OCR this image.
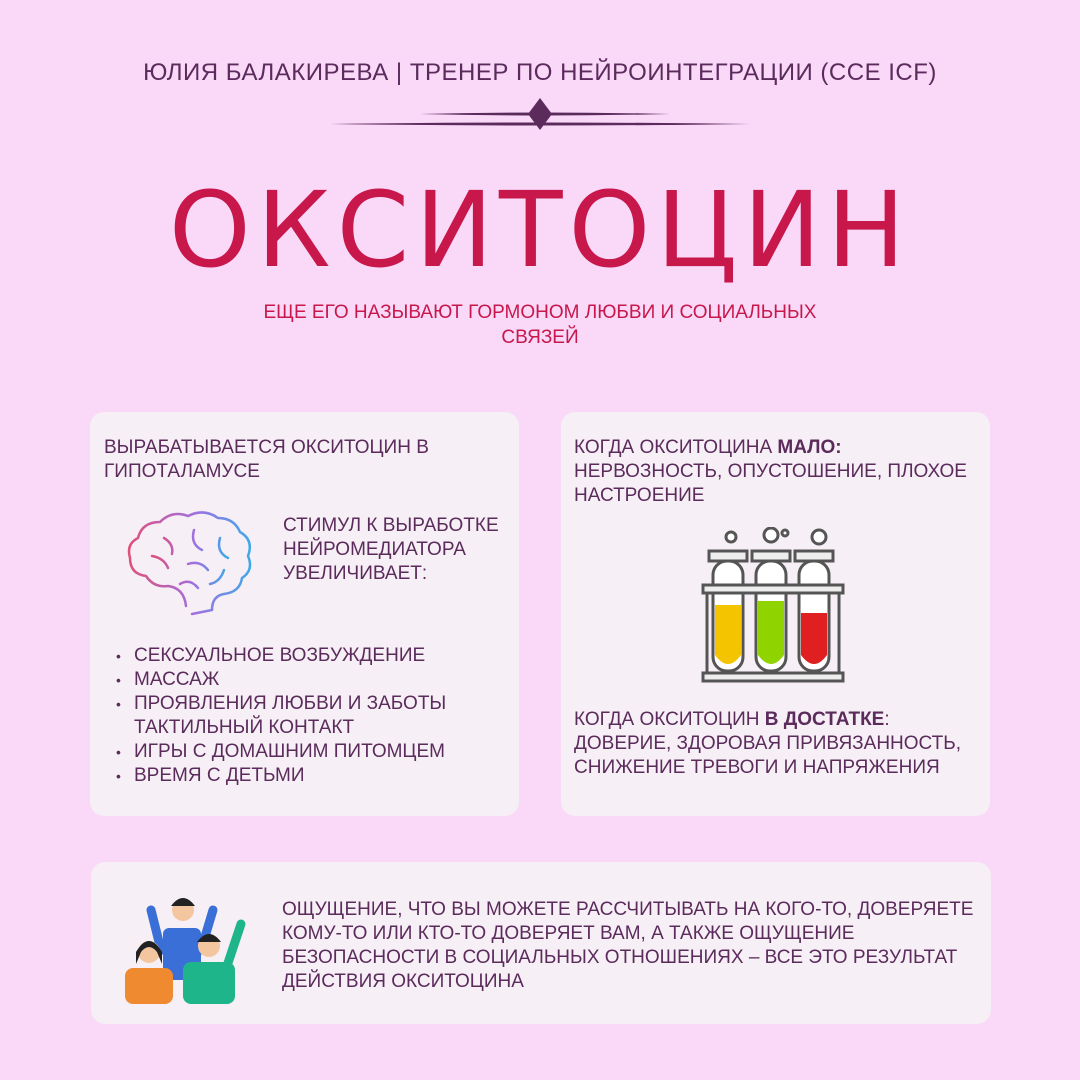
ЮЛИЯ БАЛАКИРЕВА | ТРЕНЕР ПО НЕЙРОИНТЕГРАЦИИ (CCE ICF)
ОКСИТОЦИН
ЕЩЕ ЕГО НАЗЫВАЮТ ГОРМОНОМ ЛЮБВИ И СОЦИАЛЬНЫХ СВЯЗЕЙ
ВЫРАБАТЫВАЕТСЯ ОКСИТОЦИН В ГИПОТАЛАМУСЕ
СТИМУЛ К ВЫРАБОТКЕ НЕЙРОМЕДИАТОРА УВЕЛИЧИВАЕТ:
• СЕКСУАЛЬНОЕ ВОЗБУЖДЕНИЕ
• МАССАЖ
• ПРОЯВЛЕНИЯ ЛЮБВИ И ЗАБОТЫ ТАКТИЛЬНЫЙ КОНТАКТ
• ИГРЫ С ДОМАШНИМ ПИТОМЦЕМ
• ВРЕМЯ С ДЕТЬМИ
КОГДА ОКСИТОЦИНА МАЛО:
НЕРВОЗНОСТЬ, ОПУСТОШЕНИЕ, ПЛОХОЕ НАСТРОЕНИЕ
КОГДА ОКСИТОЦИН В ДОСТАТКЕ:
ДОВЕРИЕ, ЗДОРОВАЯ ПРИВЯЗАННОСТЬ, СНИЖЕНИЕ ТРЕВОГИ И НАПРЯЖЕНИЯ
ОЩУЩЕНИЕ, ЧТО ВЫ МОЖЕТЕ РАССЧИТЫВАТЬ НА КОГО-ТО, ДОВЕРЯЕТЕ КОМУ-ТО ИЛИ КТО-ТО ДОВЕРЯЕТ ВАМ, А ТАКЖЕ ОЩУЩЕНИЕ БЕЗОПАСНОСТИ В СОЦИАЛЬНЫХ ОТНОШЕНИЯХ – ВСЕ ЭТО РЕЗУЛЬТАТ ДЕЙСТВИЯ ОКСИТОЦИНА
